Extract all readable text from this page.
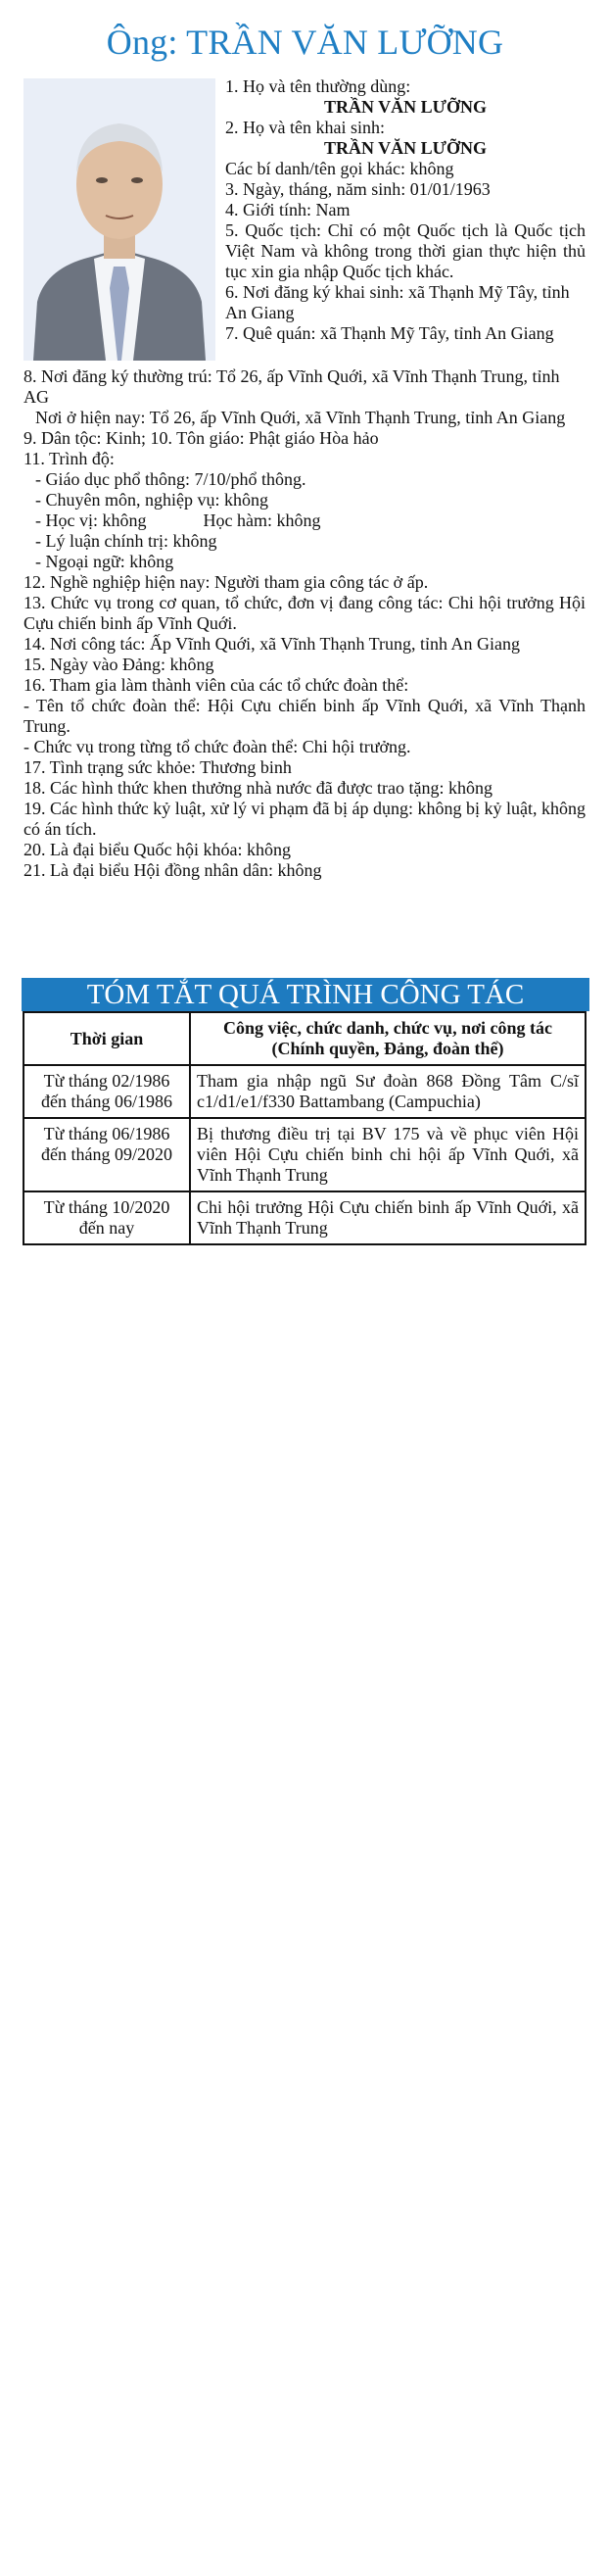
Ông: TRẦN VĂN LƯỠNG

1. Họ và tên thường dùng:

TRẦN VĂN LƯỠNG

2. Họ và tên khai sinh:

TRẦN VĂN LƯỠNG

Các bí danh/tên gọi khác: không

3. Ngày, tháng, năm sinh: 01/01/1963

4. Giới tính: Nam

5. Quốc tịch: Chỉ có một Quốc tịch là Quốc tịch Việt Nam và không trong thời gian thực hiện thủ tục xin gia nhập Quốc tịch khác.

6. Nơi đăng ký khai sinh: xã Thạnh Mỹ Tây, tỉnh An Giang

7. Quê quán: xã Thạnh Mỹ Tây, tỉnh An Giang

8. Nơi đăng ký thường trú: Tổ 26, ấp Vĩnh Quới, xã Vĩnh Thạnh Trung, tỉnh AG

Nơi ở hiện nay: Tổ 26, ấp Vĩnh Quới, xã Vĩnh Thạnh Trung, tỉnh An Giang

9. Dân tộc: Kinh; 10. Tôn giáo: Phật giáo Hòa hảo

11. Trình độ:

- Giáo dục phổ thông: 7/10/phổ thông.

- Chuyên môn, nghiệp vụ: không

- Học vị: không	Học hàm: không

- Lý luận chính trị: không

- Ngoại ngữ: không

12. Nghề nghiệp hiện nay: Người tham gia công tác ở ấp.

13. Chức vụ trong cơ quan, tổ chức, đơn vị đang công tác: Chi hội trưởng Hội Cựu chiến binh ấp Vĩnh Quới.

14. Nơi công tác: Ấp Vĩnh Quới, xã Vĩnh Thạnh Trung, tỉnh An Giang

15. Ngày vào Đảng: không

16. Tham gia làm thành viên của các tổ chức đoàn thể:

- Tên tổ chức đoàn thể: Hội Cựu chiến binh ấp Vĩnh Quới, xã Vĩnh Thạnh Trung.

- Chức vụ trong từng tổ chức đoàn thể: Chi hội trưởng.

17. Tình trạng sức khỏe: Thương binh

18. Các hình thức khen thưởng nhà nước đã được trao tặng: không

19. Các hình thức kỷ luật, xử lý vi phạm đã bị áp dụng: không bị kỷ luật, không có án tích.

20. Là đại biểu Quốc hội khóa: không

21. Là đại biểu Hội đồng nhân dân: không

TÓM TẮT QUÁ TRÌNH CÔNG TÁC
Thời gian	Công việc, chức danh, chức vụ, nơi công tác
(Chính quyền, Đảng, đoàn thể)

Từ tháng 02/1986
đến tháng 06/1986	Tham gia nhập ngũ Sư đoàn 868 Đồng Tâm C/sĩ c1/d1/e1/f330 Battambang (Campuchia)

Từ tháng 06/1986
đến tháng 09/2020	Bị thương điều trị tại BV 175 và về phục viên Hội viên Hội Cựu chiến binh chi hội ấp Vĩnh Quới, xã Vĩnh Thạnh Trung

Từ tháng 10/2020
đến nay	Chi hội trưởng Hội Cựu chiến binh ấp Vĩnh Quới, xã Vĩnh Thạnh Trung
